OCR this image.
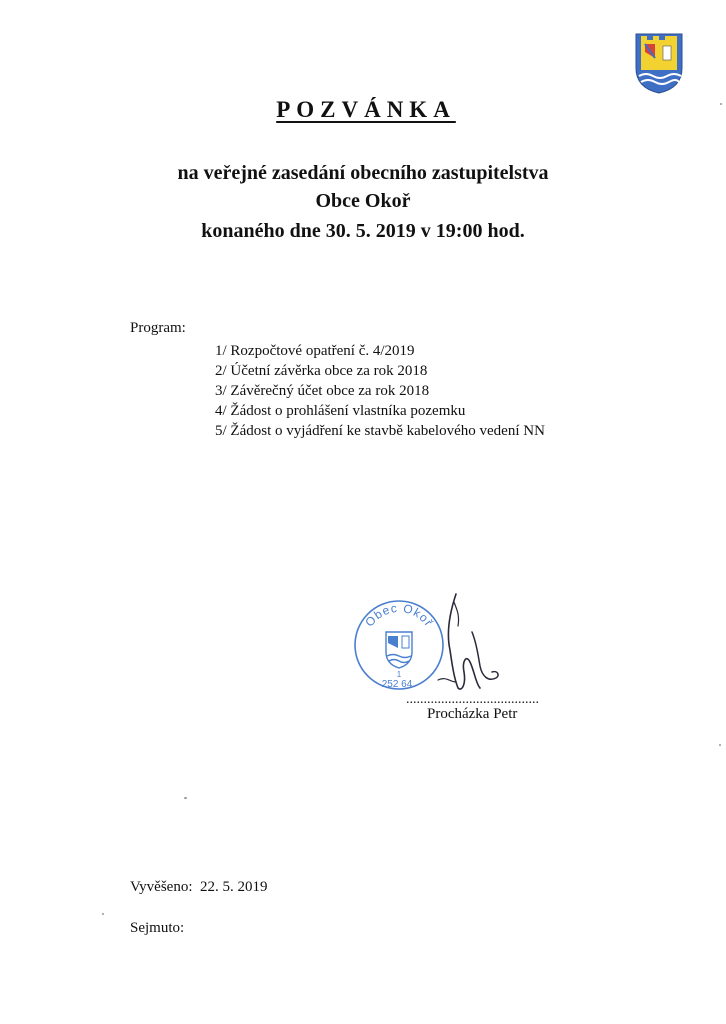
POZVÁNKA
na veřejné zasedání obecního zastupitelstva
Obce Okoř
konaného dne 30. 5. 2019 v 19:00 hod.
Program:
1/ Rozpočtové opatření č. 4/2019
2/ Účetní závěrka obce za rok 2018
3/ Závěrečný účet obce za rok 2018
4/ Žádost o prohlášení vlastníka pozemku
5/ Žádost o vyjádření ke stavbě kabelového vedení NN
Obec Okoř
1
252 64
......................................
Procházka Petr
Vyvěšeno: 22. 5. 2019
Sejmuto:
